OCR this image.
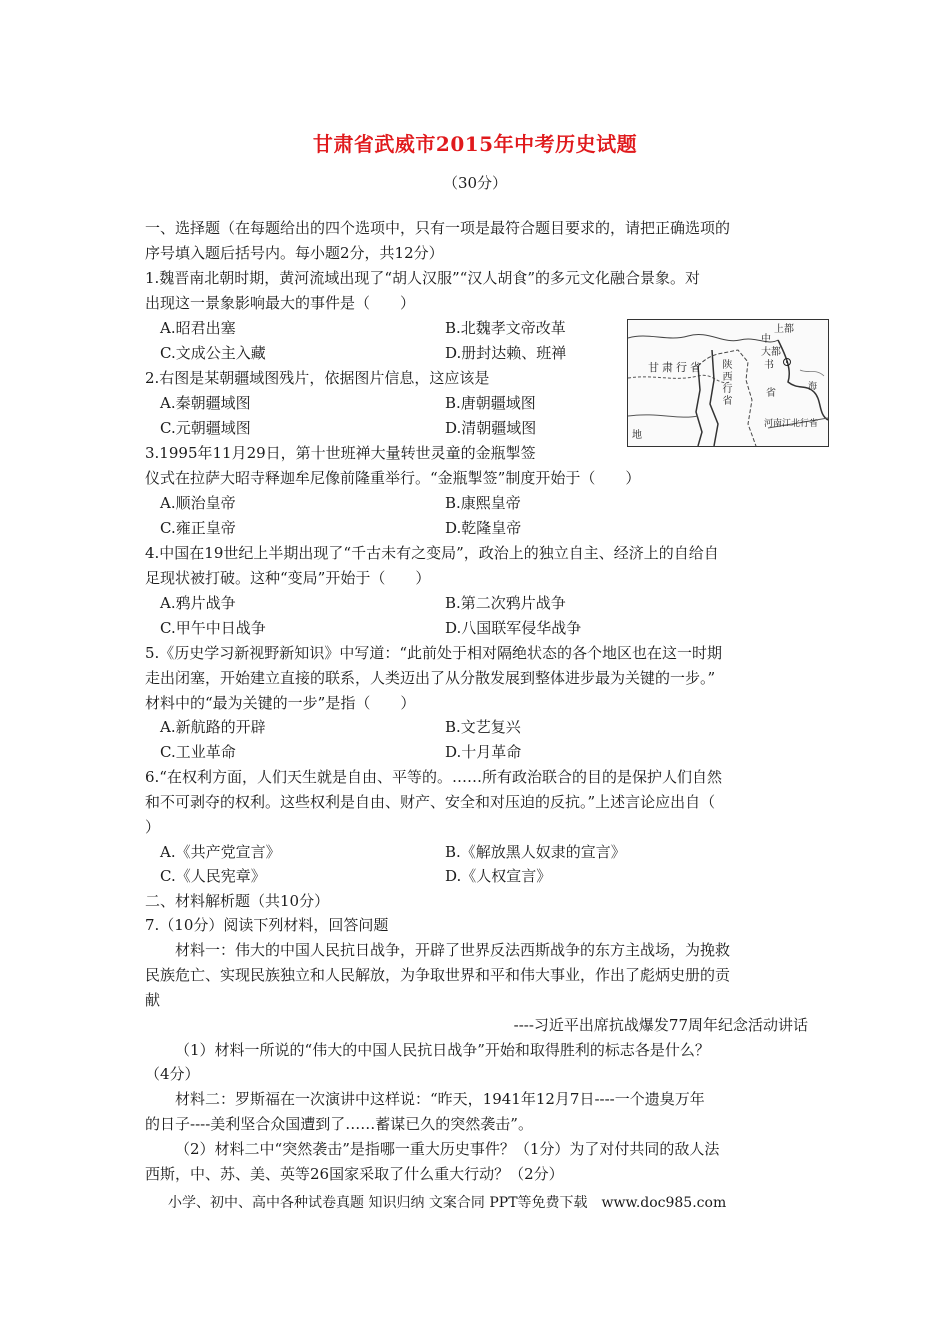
甘肃省武威市2015年中考历史试题
（30分）
一、选择题（在每题给出的四个选项中，只有一项是最符合题目要求的，请把正确选项的
序号填入题后括号内。每小题2分，共12分）
1.魏晋南北朝时期，黄河流域出现了“胡人汉服”“汉人胡食”的多元文化融合景象。对
出现这一景象影响最大的事件是（　　）
A.昭君出塞	B.北魏孝文帝改革
C.文成公主入藏	D.册封达赖、班禅
2.右图是某朝疆域图残片，依据图片信息，这应该是
A.秦朝疆域图	B.唐朝疆域图
C.元朝疆域图	D.清朝疆域图
甘肃行省
上都
中
大都
书
省
陕西行省
河南江北行省
地
海
3.1995年11月29日，第十世班禅大量转世灵童的金瓶掣签
仪式在拉萨大昭寺释迦牟尼像前隆重举行。“金瓶掣签”制度开始于（　　）
A.顺治皇帝	B.康熙皇帝
C.雍正皇帝	D.乾隆皇帝
4.中国在19世纪上半期出现了“千古未有之变局”，政治上的独立自主、经济上的自给自
足现状被打破。这种“变局”开始于（　　）
A.鸦片战争	B.第二次鸦片战争
C.甲午中日战争	D.八国联军侵华战争
5.《历史学习新视野新知识》中写道：“此前处于相对隔绝状态的各个地区也在这一时期
走出闭塞，开始建立直接的联系，人类迈出了从分散发展到整体进步最为关键的一步。”
材料中的“最为关键的一步”是指（　　）
A.新航路的开辟	B.文艺复兴
C.工业革命	D.十月革命
6.“在权利方面，人们天生就是自由、平等的。……所有政治联合的目的是保护人们自然
和不可剥夺的权利。这些权利是自由、财产、安全和对压迫的反抗。”上述言论应出自（
）
A.《共产党宣言》	B.《解放黑人奴隶的宣言》
C.《人民宪章》	D.《人权宣言》
二、材料解析题（共10分）
7.（10分）阅读下列材料，回答问题
材料一：伟大的中国人民抗日战争，开辟了世界反法西斯战争的东方主战场，为挽救
民族危亡、实现民族独立和人民解放，为争取世界和平和伟大事业，作出了彪炳史册的贡
献
----习近平出席抗战爆发77周年纪念活动讲话
（1）材料一所说的“伟大的中国人民抗日战争”开始和取得胜利的标志各是什么？
（4分）
材料二：罗斯福在一次演讲中这样说：“昨天，1941年12月7日----一个遗臭万年
的日子----美利坚合众国遭到了……蓄谋已久的突然袭击”。
（2）材料二中“突然袭击”是指哪一重大历史事件？（1分）为了对付共同的敌人法
西斯，中、苏、美、英等26国家采取了什么重大行动？（2分）
小学、初中、高中各种试卷真题 知识归纳 文案合同 PPT等免费下载　www.doc985.com
